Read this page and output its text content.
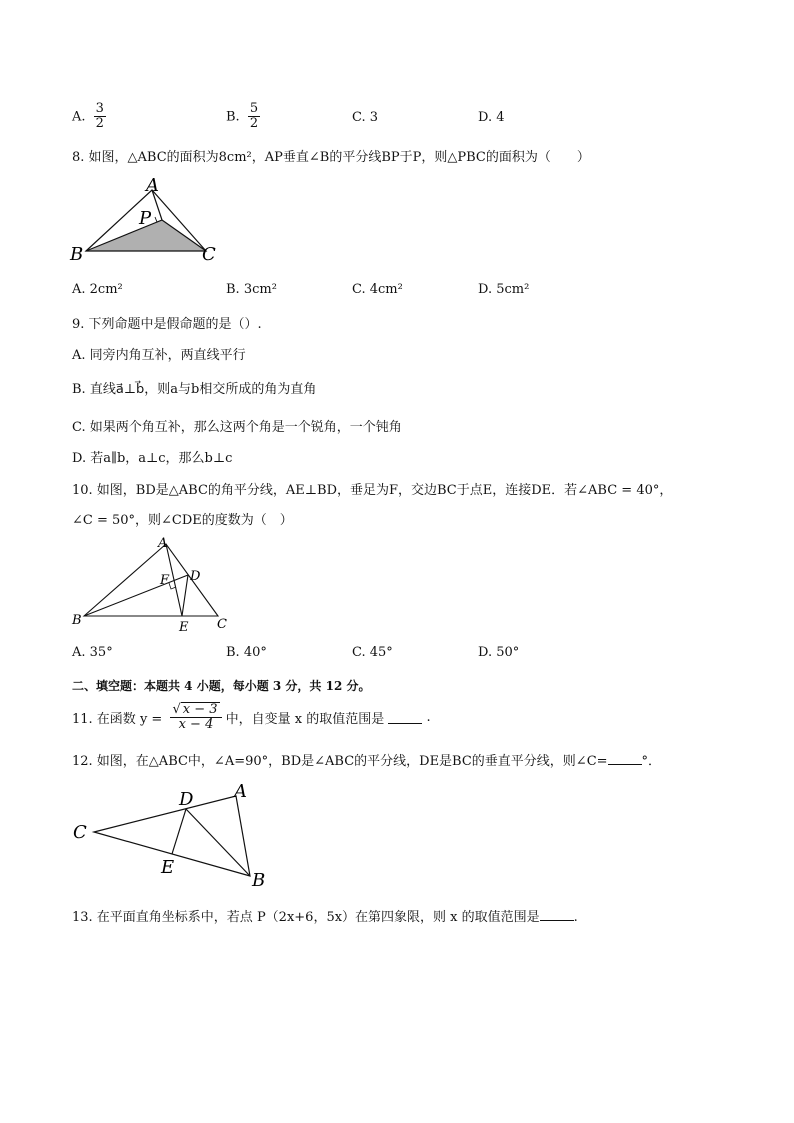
A. $\frac{3}{2}$	B. $\frac{5}{2}$	C. 3	D. 4
8. 如图，△ABC的面积为8cm²，AP垂直∠B的平分线BP于P，则△PBC的面积为（　　）
A
P
B	C
A. 2cm²	B. 3cm²	C. 4cm²	D. 5cm²
9. 下列命题中是假命题的是（）.
A. 同旁内角互补，两直线平行
B. 直线a⃗⊥b⃗，则a与b相交所成的角为直角
C. 如果两个角互补，那么这两个角是一个锐角，一个钝角
D. 若a∥b，a⊥c，那么b⊥c
10. 如图，BD是△ABC的角平分线，AE⊥BD，垂足为F，交边BC于点E，连接DE．若∠ABC = 40°，
∠C = 50°，则∠CDE的度数为（　）
A
F D
B	E C
A. 35°	B. 40°	C. 45°	D. 50°
二、填空题：本题共 4 小题，每小题 3 分，共 12 分。
11. 在函数 $y = \frac{√ x - 3}{x - 4}$ 中，自变量 x 的取值范围是	.
12. 如图，在△ABC中，∠A=90°，BD是∠ABC的平分线，DE是BC的垂直平分线，则∠C=	°．
A
D
C
E
B
13. 在平面直角坐标系中，若点 P（2x+6，5x）在第四象限，则 x 的取值范围是	.
